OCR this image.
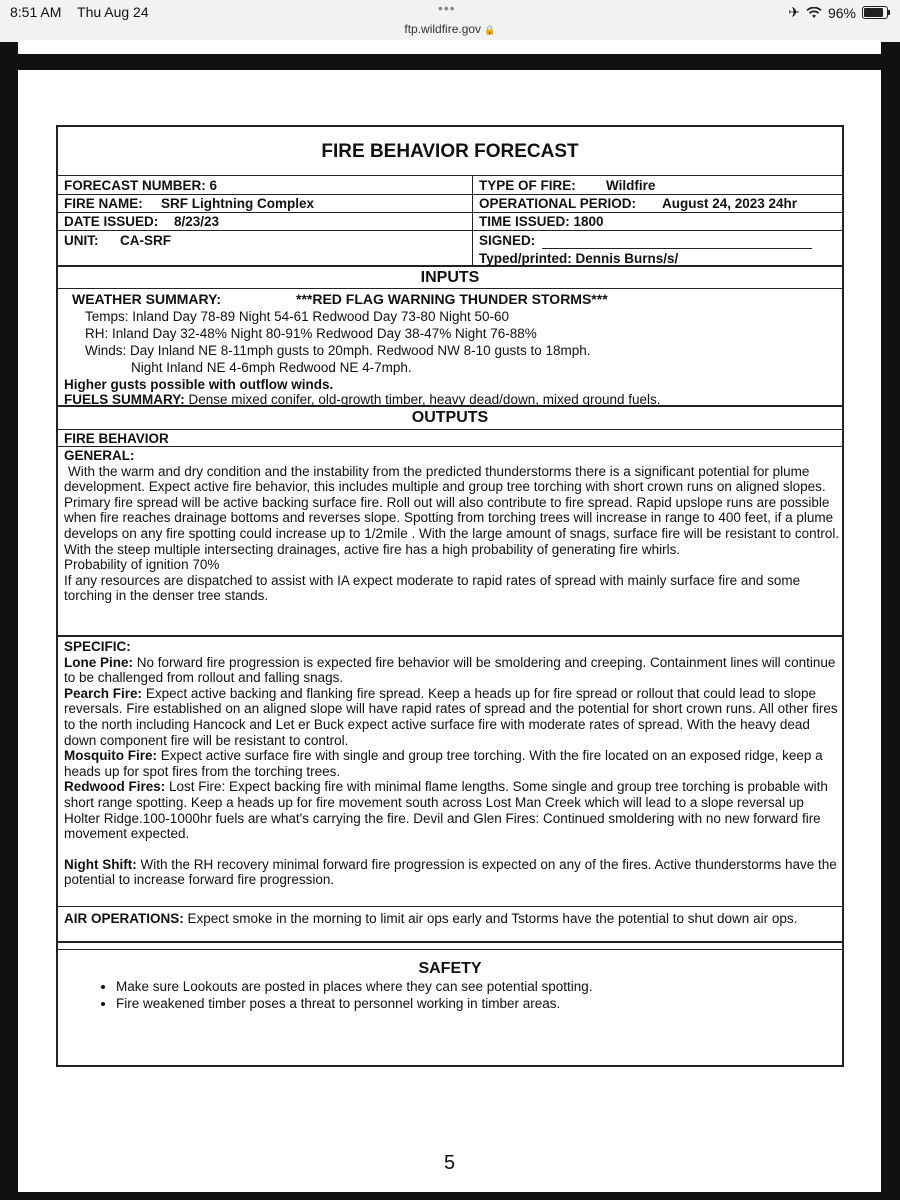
8:51 AM Thu Aug 24	•••	✈ 96%
ftp.wildfire.gov 🔒
FIRE BEHAVIOR FORECAST
FORECAST NUMBER: 6	TYPE OF FIRE: Wildfire
FIRE NAME: SRF Lightning Complex	OPERATIONAL PERIOD: August 24, 2023 24hr
DATE ISSUED: 8/23/23	TIME ISSUED: 1800
UNIT: CA-SRF	SIGNED:
Typed/printed: Dennis Burns/s/
INPUTS
WEATHER SUMMARY:	***RED FLAG WARNING THUNDER STORMS***
Temps: Inland Day 78-89 Night 54-61 Redwood Day 73-80 Night 50-60
RH: Inland Day 32-48% Night 80-91% Redwood Day 38-47% Night 76-88%
Winds: Day Inland NE 8-11mph gusts to 20mph. Redwood NW 8-10 gusts to 18mph.
Night Inland NE 4-6mph Redwood NE 4-7mph.
Higher gusts possible with outflow winds.
FUELS SUMMARY: Dense mixed conifer, old-growth timber, heavy dead/down, mixed ground fuels.
OUTPUTS
FIRE BEHAVIOR
GENERAL:
With the warm and dry condition and the instability from the predicted thunderstorms there is a significant potential for plume development. Expect active fire behavior, this includes multiple and group tree torching with short crown runs on aligned slopes. Primary fire spread will be active backing surface fire. Roll out will also contribute to fire spread. Rapid upslope runs are possible when fire reaches drainage bottoms and reverses slope. Spotting from torching trees will increase in range to 400 feet, if a plume develops on any fire spotting could increase up to 1/2mile . With the large amount of snags, surface fire will be resistant to control. With the steep multiple intersecting drainages, active fire has a high probability of generating fire whirls.
Probability of ignition 70%
If any resources are dispatched to assist with IA expect moderate to rapid rates of spread with mainly surface fire and some torching in the denser tree stands.
SPECIFIC:
Lone Pine: No forward fire progression is expected fire behavior will be smoldering and creeping. Containment lines will continue to be challenged from rollout and falling snags.
Pearch Fire: Expect active backing and flanking fire spread. Keep a heads up for fire spread or rollout that could lead to slope reversals. Fire established on an aligned slope will have rapid rates of spread and the potential for short crown runs. All other fires to the north including Hancock and Let er Buck expect active surface fire with moderate rates of spread. With the heavy dead down component fire will be resistant to control.
Mosquito Fire: Expect active surface fire with single and group tree torching. With the fire located on an exposed ridge, keep a heads up for spot fires from the torching trees.
Redwood Fires: Lost Fire: Expect backing fire with minimal flame lengths. Some single and group tree torching is probable with short range spotting. Keep a heads up for fire movement south across Lost Man Creek which will lead to a slope reversal up Holter Ridge.100-1000hr fuels are what's carrying the fire. Devil and Glen Fires: Continued smoldering with no new forward fire movement expected.
Night Shift: With the RH recovery minimal forward fire progression is expected on any of the fires. Active thunderstorms have the potential to increase forward fire progression.
AIR OPERATIONS: Expect smoke in the morning to limit air ops early and Tstorms have the potential to shut down air ops.
SAFETY
• Make sure Lookouts are posted in places where they can see potential spotting.
• Fire weakened timber poses a threat to personnel working in timber areas.
5
